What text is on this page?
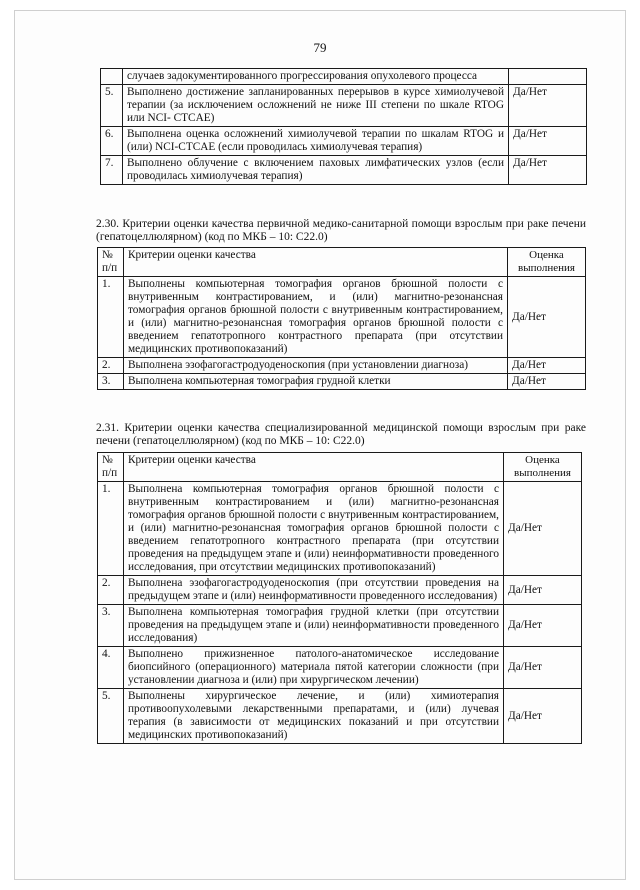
79
	случаев задокументированного прогрессирования опухолевого процесса	
5.	Выполнено достижение запланированных перерывов в курсе химиолучевой терапии (за исключением осложнений не ниже III степени по шкале RTOG или NCI- CTCAE)	Да/Нет
6.	Выполнена оценка осложнений химиолучевой терапии по шкалам RTOG и (или) NCI-CTCAE (если проводилась химиолучевая терапия)	Да/Нет
7.	Выполнено облучение с включением паховых лимфатических узлов (если проводилась химиолучевая терапия)	Да/Нет
2.30. Критерии оценки качества первичной медико-санитарной помощи взрослым при раке печени (гепатоцеллюлярном) (код по МКБ – 10: C22.0)
№ п/п	Критерии оценки качества	Оценка выполнения
1.	Выполнены компьютерная томография органов брюшной полости с внутривенным контрастированием, и (или) магнитно-резонансная томография органов брюшной полости с внутривенным контрастированием, и (или) магнитно-резонансная томография органов брюшной полости с введением гепатотропного контрастного препарата (при отсутствии медицинских противопоказаний)	Да/Нет
2.	Выполнена эзофагогастродуоденоскопия (при установлении диагноза)	Да/Нет
3.	Выполнена компьютерная томография грудной клетки	Да/Нет
2.31. Критерии оценки качества специализированной медицинской помощи взрослым при раке печени (гепатоцеллюлярном) (код по МКБ – 10: C22.0)
№ п/п	Критерии оценки качества	Оценка выполнения
1.	Выполнена компьютерная томография органов брюшной полости с внутривенным контрастированием и (или) магнитно-резонансная томография органов брюшной полости с внутривенным контрастированием, и (или) магнитно-резонансная томография органов брюшной полости с введением гепатотропного контрастного препарата (при отсутствии проведения на предыдущем этапе и (или) неинформативности проведенного исследования, при отсутствии медицинских противопоказаний)	Да/Нет
2.	Выполнена эзофагогастродуоденоскопия (при отсутствии проведения на предыдущем этапе и (или) неинформативности проведенного исследования)	Да/Нет
3.	Выполнена компьютерная томография грудной клетки (при отсутствии проведения на предыдущем этапе и (или) неинформативности проведенного исследования)	Да/Нет
4.	Выполнено прижизненное патолого-анатомическое исследование биопсийного (операционного) материала пятой категории сложности (при установлении диагноза и (или) при хирургическом лечении)	Да/Нет
5.	Выполнены хирургическое лечение, и (или) химиотерапия противоопухолевыми лекарственными препаратами, и (или) лучевая терапия (в зависимости от медицинских показаний и при отсутствии медицинских противопоказаний)	Да/Нет
